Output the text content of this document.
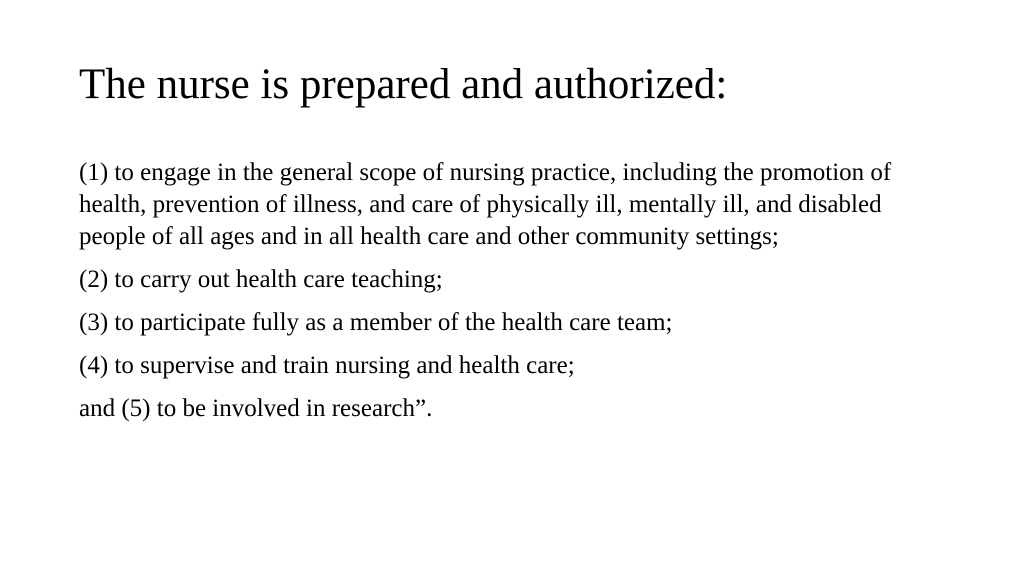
The nurse is prepared and authorized:

(1) to engage in the general scope of nursing practice, including the promotion of health, prevention of illness, and care of physically ill, mentally ill, and disabled people of all ages and in all health care and other community settings;

(2) to carry out health care teaching;

(3) to participate fully as a member of the health care team;

(4) to supervise and train nursing and health care;

and (5) to be involved in research”.
